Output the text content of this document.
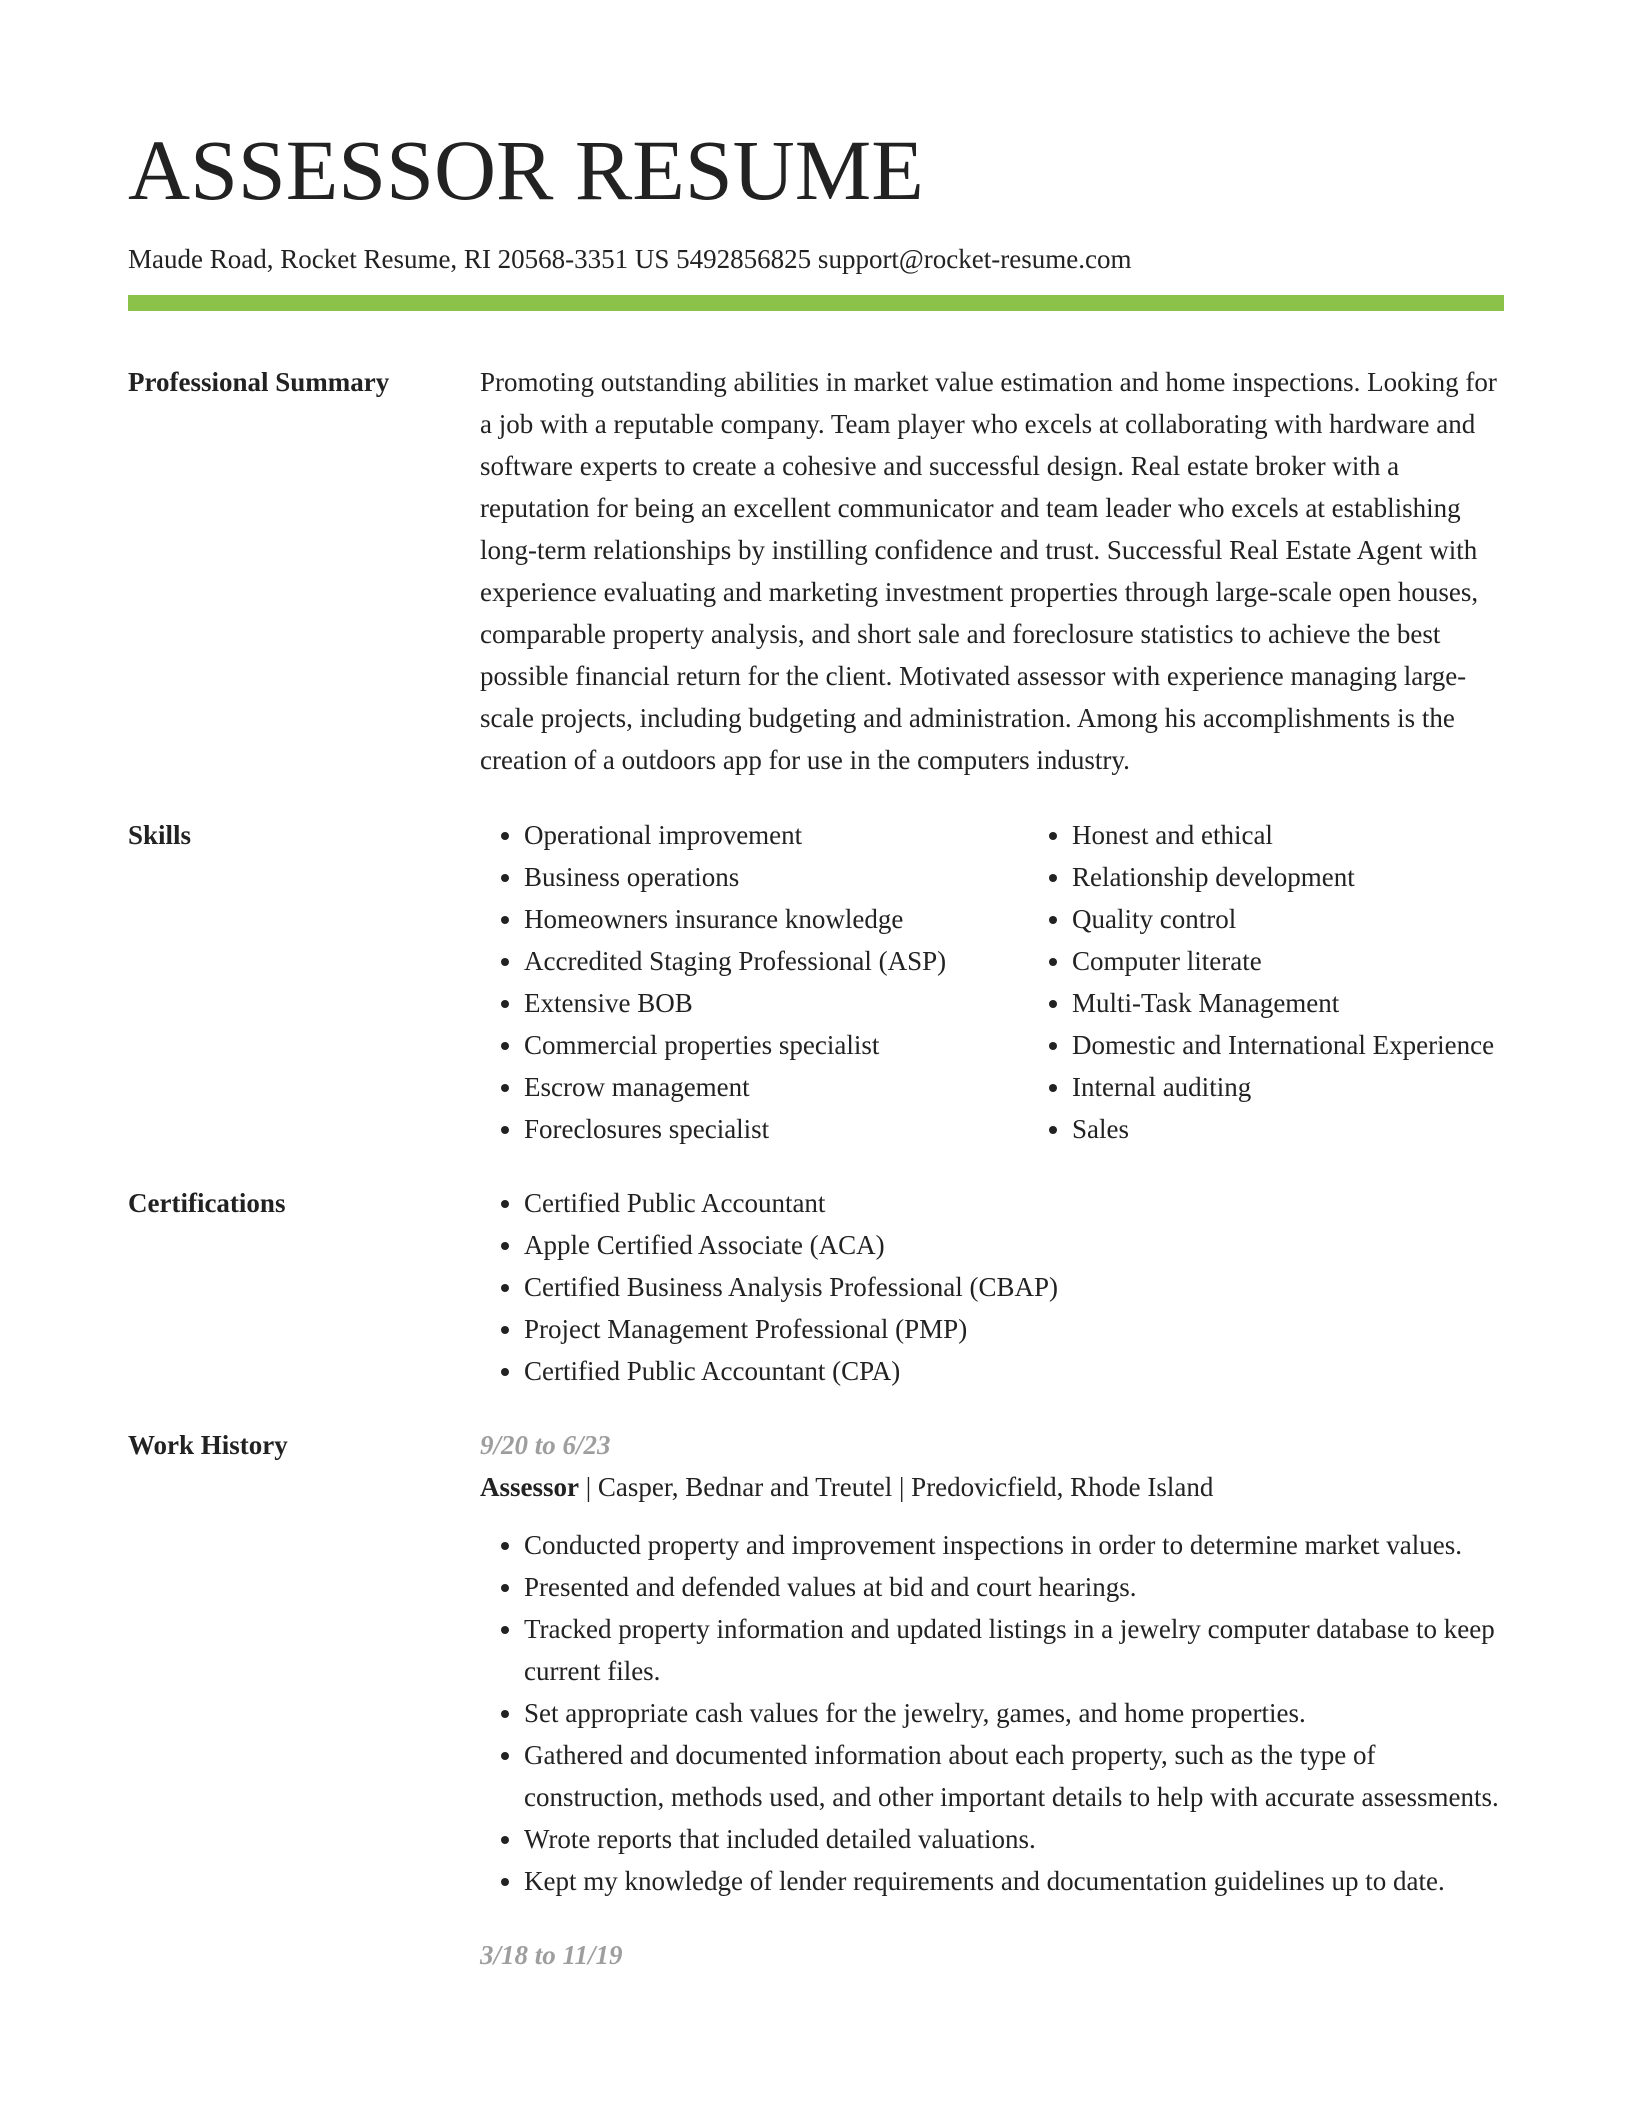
ASSESSOR RESUME
Maude Road, Rocket Resume, RI 20568-3351 US 5492856825 support@rocket-resume.com
Professional Summary	Promoting outstanding abilities in market value estimation and home inspections. Looking for a job with a reputable company. Team player who excels at collaborating with hardware and software experts to create a cohesive and successful design. Real estate broker with a reputation for being an excellent communicator and team leader who excels at establishing long-term relationships by instilling confidence and trust. Successful Real Estate Agent with experience evaluating and marketing investment properties through large-scale open houses, comparable property analysis, and short sale and foreclosure statistics to achieve the best possible financial return for the client. Motivated assessor with experience managing large-scale projects, including budgeting and administration. Among his accomplishments is the creation of a outdoors app for use in the computers industry.
Skills	• Operational improvement
• Business operations
• Homeowners insurance knowledge
• Accredited Staging Professional (ASP)
• Extensive BOB
• Commercial properties specialist
• Escrow management
• Foreclosures specialist
• Honest and ethical
• Relationship development
• Quality control
• Computer literate
• Multi-Task Management
• Domestic and International Experience
• Internal auditing
• Sales
Certifications	• Certified Public Accountant
• Apple Certified Associate (ACA)
• Certified Business Analysis Professional (CBAP)
• Project Management Professional (PMP)
• Certified Public Accountant (CPA)
Work History	9/20 to 6/23
Assessor | Casper, Bednar and Treutel | Predovicfield, Rhode Island
• Conducted property and improvement inspections in order to determine market values.
• Presented and defended values at bid and court hearings.
• Tracked property information and updated listings in a jewelry computer database to keep current files.
• Set appropriate cash values for the jewelry, games, and home properties.
• Gathered and documented information about each property, such as the type of construction, methods used, and other important details to help with accurate assessments.
• Wrote reports that included detailed valuations.
• Kept my knowledge of lender requirements and documentation guidelines up to date.
3/18 to 11/19
